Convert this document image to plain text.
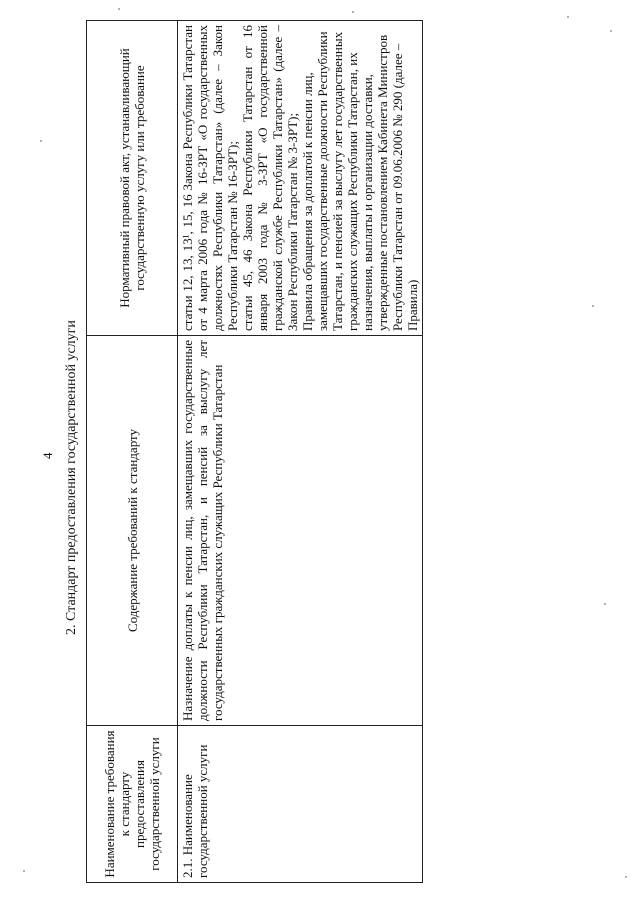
4 2. Стандарт предоставления государственной услуги
Наименование требования к стандарту предоставления государственной услуги	Содержание требований к стандарту	Нормативный правовой акт, устанавливающий государственную услугу или требование
2.1. Наименование государственной услуги	Назначение доплаты к пенсии лиц, замещавших государственные должности Республики Татарстан, и пенсий за выслугу лет государственных гражданских служащих Республики Татарстан	статьи 12, 13, 13¹, 15, 16 Закона Республики Татарстан от 4 марта 2006 года № 16-ЗРТ «О государственных должностях Республики Татарстан» (далее – Закон Республики Татарстан № 16-ЗРТ); статьи 45, 46 Закона Республики Татарстан от 16 января 2003 года № 3-ЗРТ «О государственной гражданской службе Республики Татарстан» (далее – Закон Республики Татарстан № 3-ЗРТ); Правила обращения за доплатой к пенсии лиц, замещавших государственные должности Республики Татарстан, и пенсией за выслугу лет государственных гражданских служащих Республики Татарстан, их назначения, выплаты и организации доставки, утвержденные постановлением Кабинета Министров Республики Татарстан от 09.06.2006 № 290 (далее – Правила)
